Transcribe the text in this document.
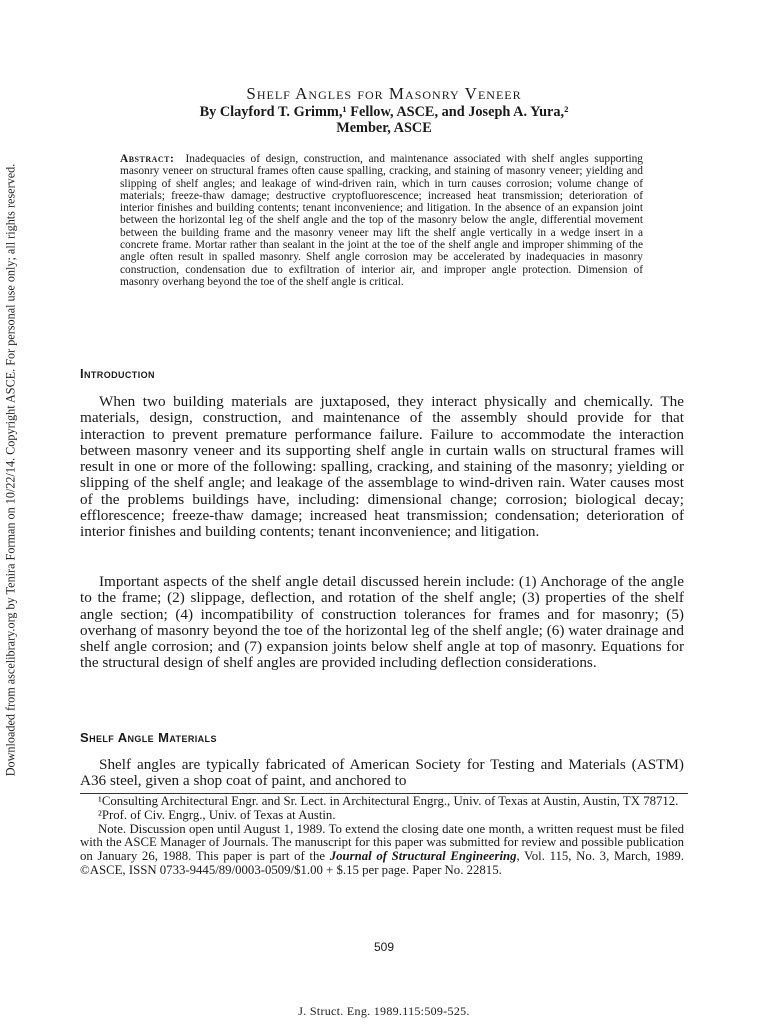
Downloaded from ascelibrary.org by Tenira Forman on 10/22/14. Copyright ASCE. For personal use only; all rights reserved.
Shelf Angles for Masonry Veneer
By Clayford T. Grimm,¹ Fellow, ASCE, and Joseph A. Yura,²
Member, ASCE

Abstract: Inadequacies of design, construction, and maintenance associated with shelf angles supporting masonry veneer on structural frames often cause spalling, cracking, and staining of masonry veneer; yielding and slipping of shelf angles; and leakage of wind-driven rain, which in turn causes corrosion; volume change of materials; freeze-thaw damage; destructive cryptofluorescence; increased heat transmission; deterioration of interior finishes and building contents; tenant inconvenience; and litigation. In the absence of an expansion joint between the horizontal leg of the shelf angle and the top of the masonry below the angle, differential movement between the building frame and the masonry veneer may lift the shelf angle vertically in a wedge insert in a concrete frame. Mortar rather than sealant in the joint at the toe of the shelf angle and improper shimming of the angle often result in spalled masonry. Shelf angle corrosion may be accelerated by inadequacies in masonry construction, condensation due to exfiltration of interior air, and improper angle protection. Dimension of masonry overhang beyond the toe of the shelf angle is critical.

Introduction

When two building materials are juxtaposed, they interact physically and chemically. The materials, design, construction, and maintenance of the assembly should provide for that interaction to prevent premature performance failure. Failure to accommodate the interaction between masonry veneer and its supporting shelf angle in curtain walls on structural frames will result in one or more of the following: spalling, cracking, and staining of the masonry; yielding or slipping of the shelf angle; and leakage of the assemblage to wind-driven rain. Water causes most of the problems buildings have, including: dimensional change; corrosion; biological decay; efflorescence; freeze-thaw damage; increased heat transmission; condensation; deterioration of interior finishes and building contents; tenant inconvenience; and litigation.

Important aspects of the shelf angle detail discussed herein include: (1) Anchorage of the angle to the frame; (2) slippage, deflection, and rotation of the shelf angle; (3) properties of the shelf angle section; (4) incompatibility of construction tolerances for frames and for masonry; (5) overhang of masonry beyond the toe of the horizontal leg of the shelf angle; (6) water drainage and shelf angle corrosion; and (7) expansion joints below shelf angle at top of masonry. Equations for the structural design of shelf angles are provided including deflection considerations.

Shelf Angle Materials

Shelf angles are typically fabricated of American Society for Testing and Materials (ASTM) A36 steel, given a shop coat of paint, and anchored to

¹Consulting Architectural Engr. and Sr. Lect. in Architectural Engrg., Univ. of Texas at Austin, Austin, TX 78712.

²Prof. of Civ. Engrg., Univ. of Texas at Austin.

Note. Discussion open until August 1, 1989. To extend the closing date one month, a written request must be filed with the ASCE Manager of Journals. The manuscript for this paper was submitted for review and possible publication on January 26, 1988. This paper is part of the Journal of Structural Engineering, Vol. 115, No. 3, March, 1989. ©ASCE, ISSN 0733-9445/89/0003-0509/$1.00 + $.15 per page. Paper No. 22815.

509
J. Struct. Eng. 1989.115:509-525.
